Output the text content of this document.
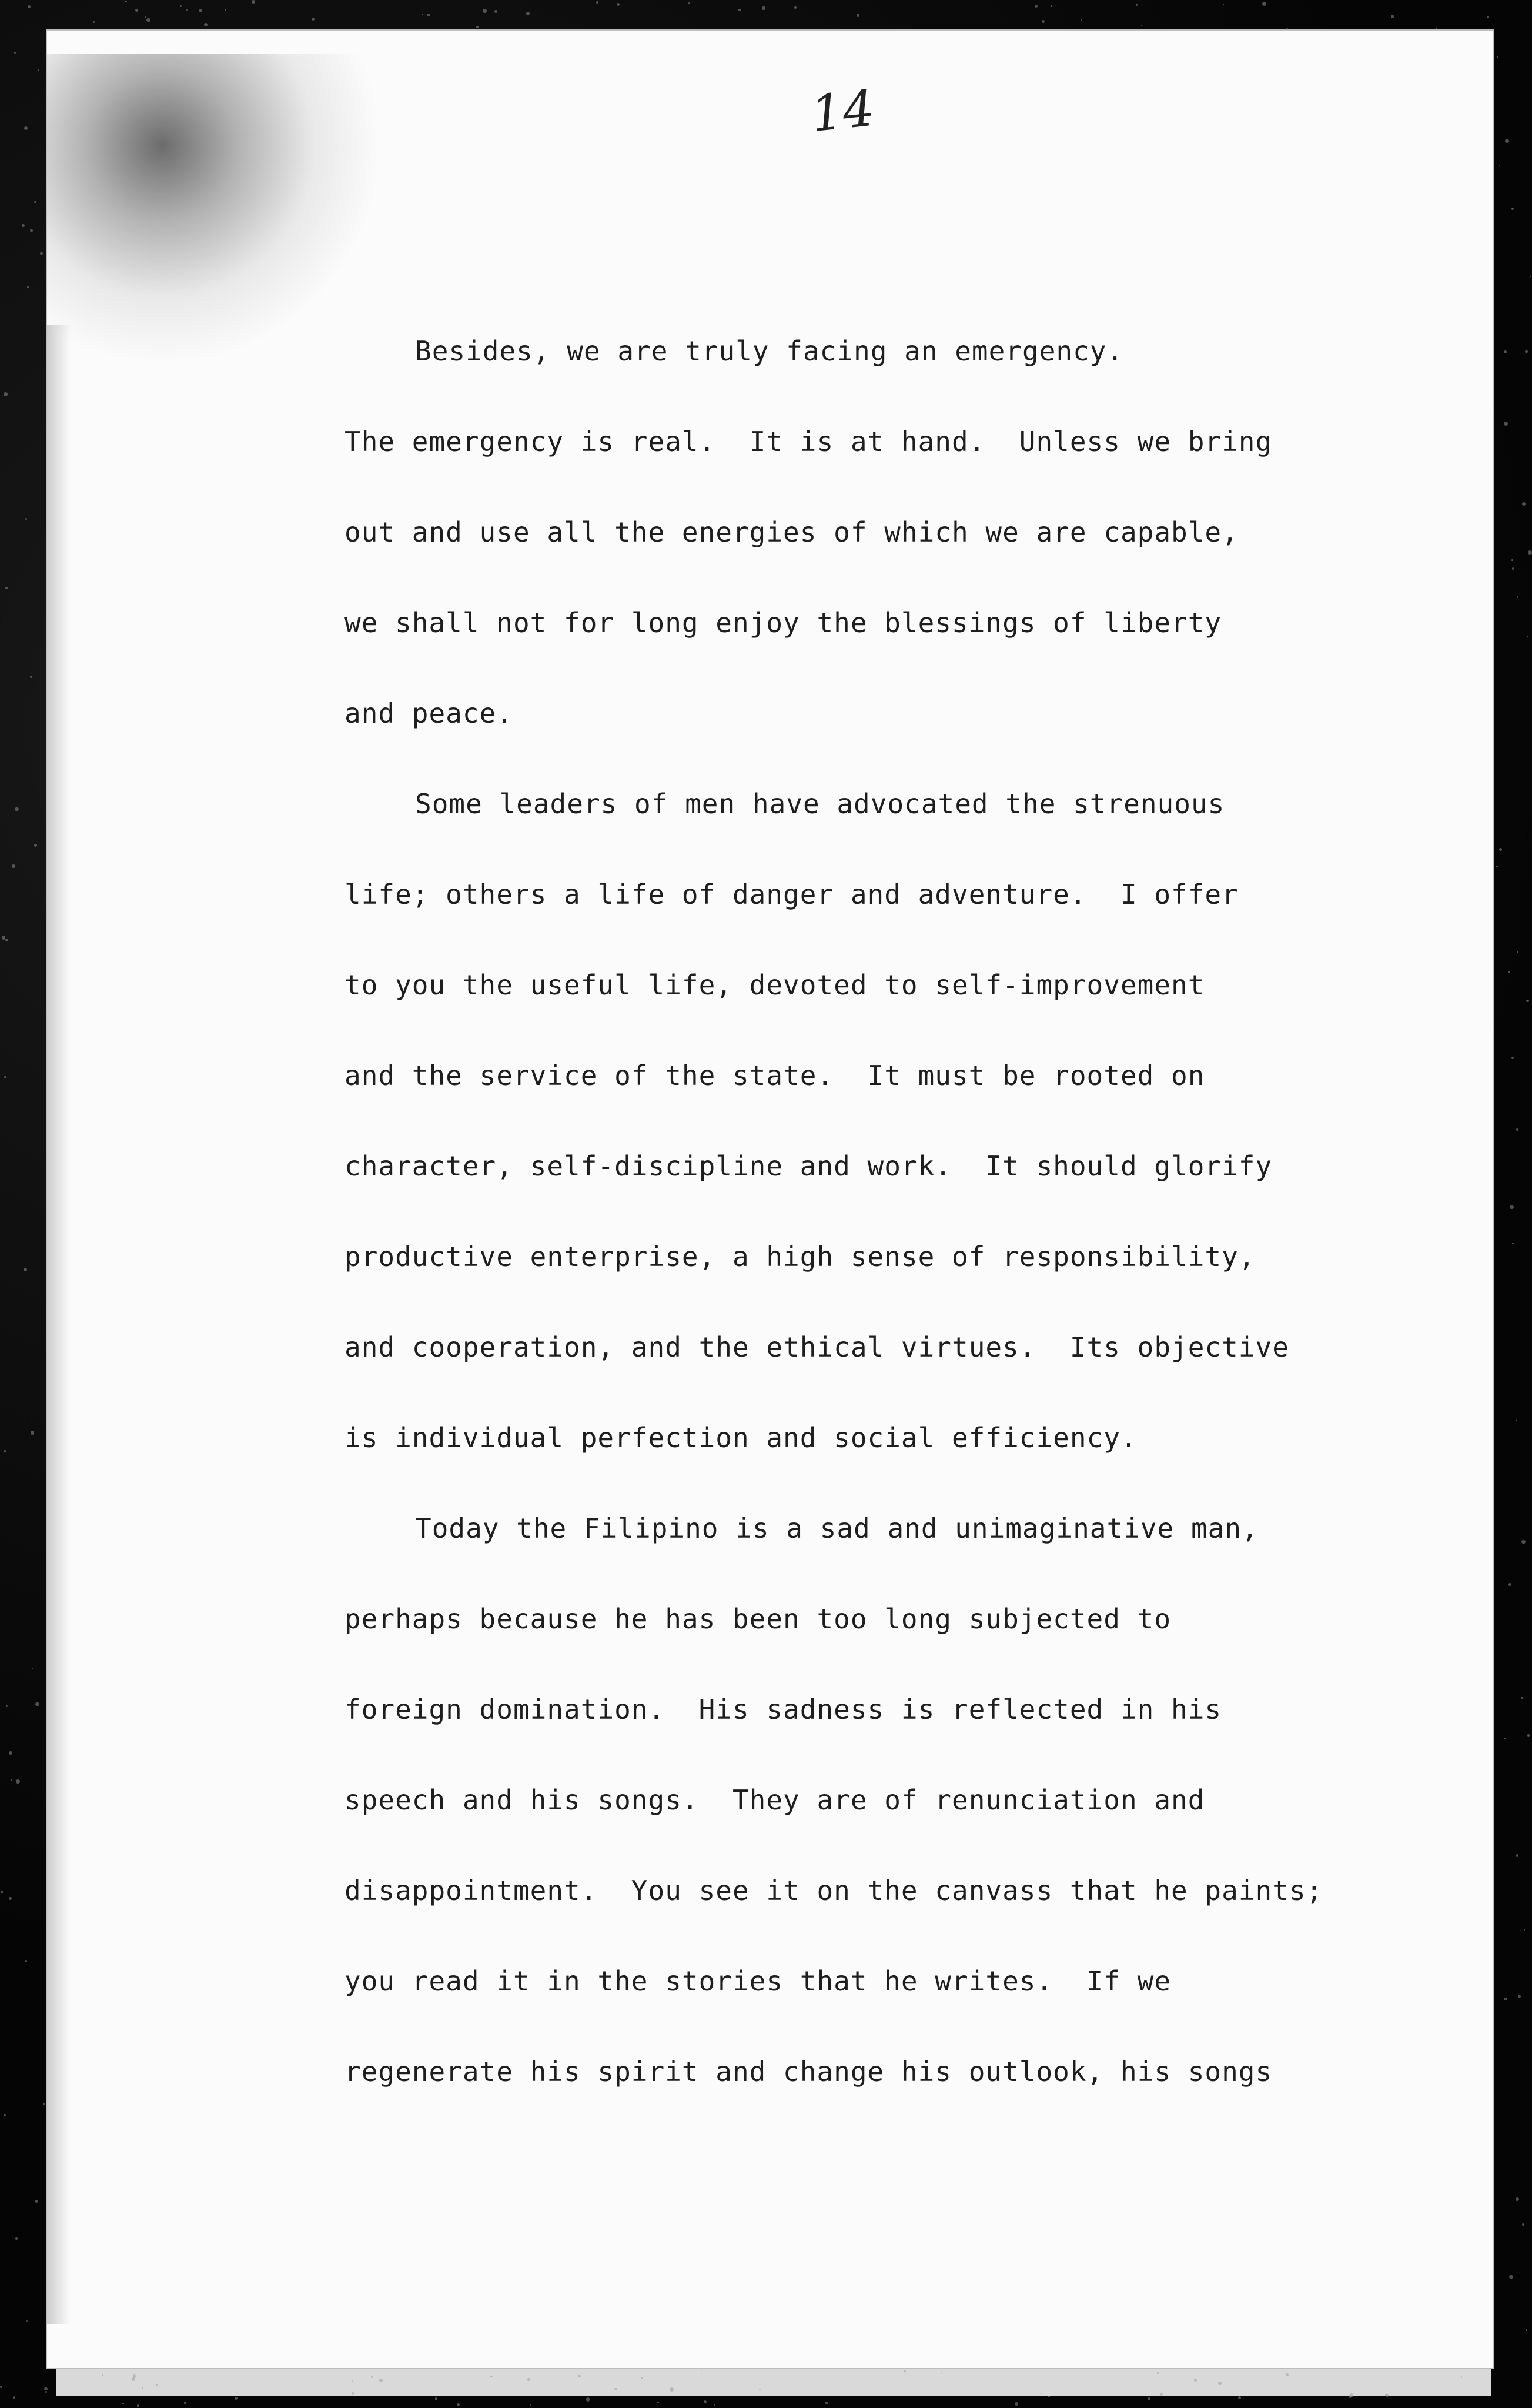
14
Besides, we are truly facing an emergency.
The emergency is real.  It is at hand.  Unless we bring
out and use all the energies of which we are capable,
we shall not for long enjoy the blessings of liberty
and peace.
Some leaders of men have advocated the strenuous
life; others a life of danger and adventure.  I offer
to you the useful life, devoted to self-improvement
and the service of the state.  It must be rooted on
character, self-discipline and work.  It should glorify
productive enterprise, a high sense of responsibility,
and cooperation, and the ethical virtues.  Its objective
is individual perfection and social efficiency.
Today the Filipino is a sad and unimaginative man,
perhaps because he has been too long subjected to
foreign domination.  His sadness is reflected in his
speech and his songs.  They are of renunciation and
disappointment.  You see it on the canvass that he paints;
you read it in the stories that he writes.  If we
regenerate his spirit and change his outlook, his songs
